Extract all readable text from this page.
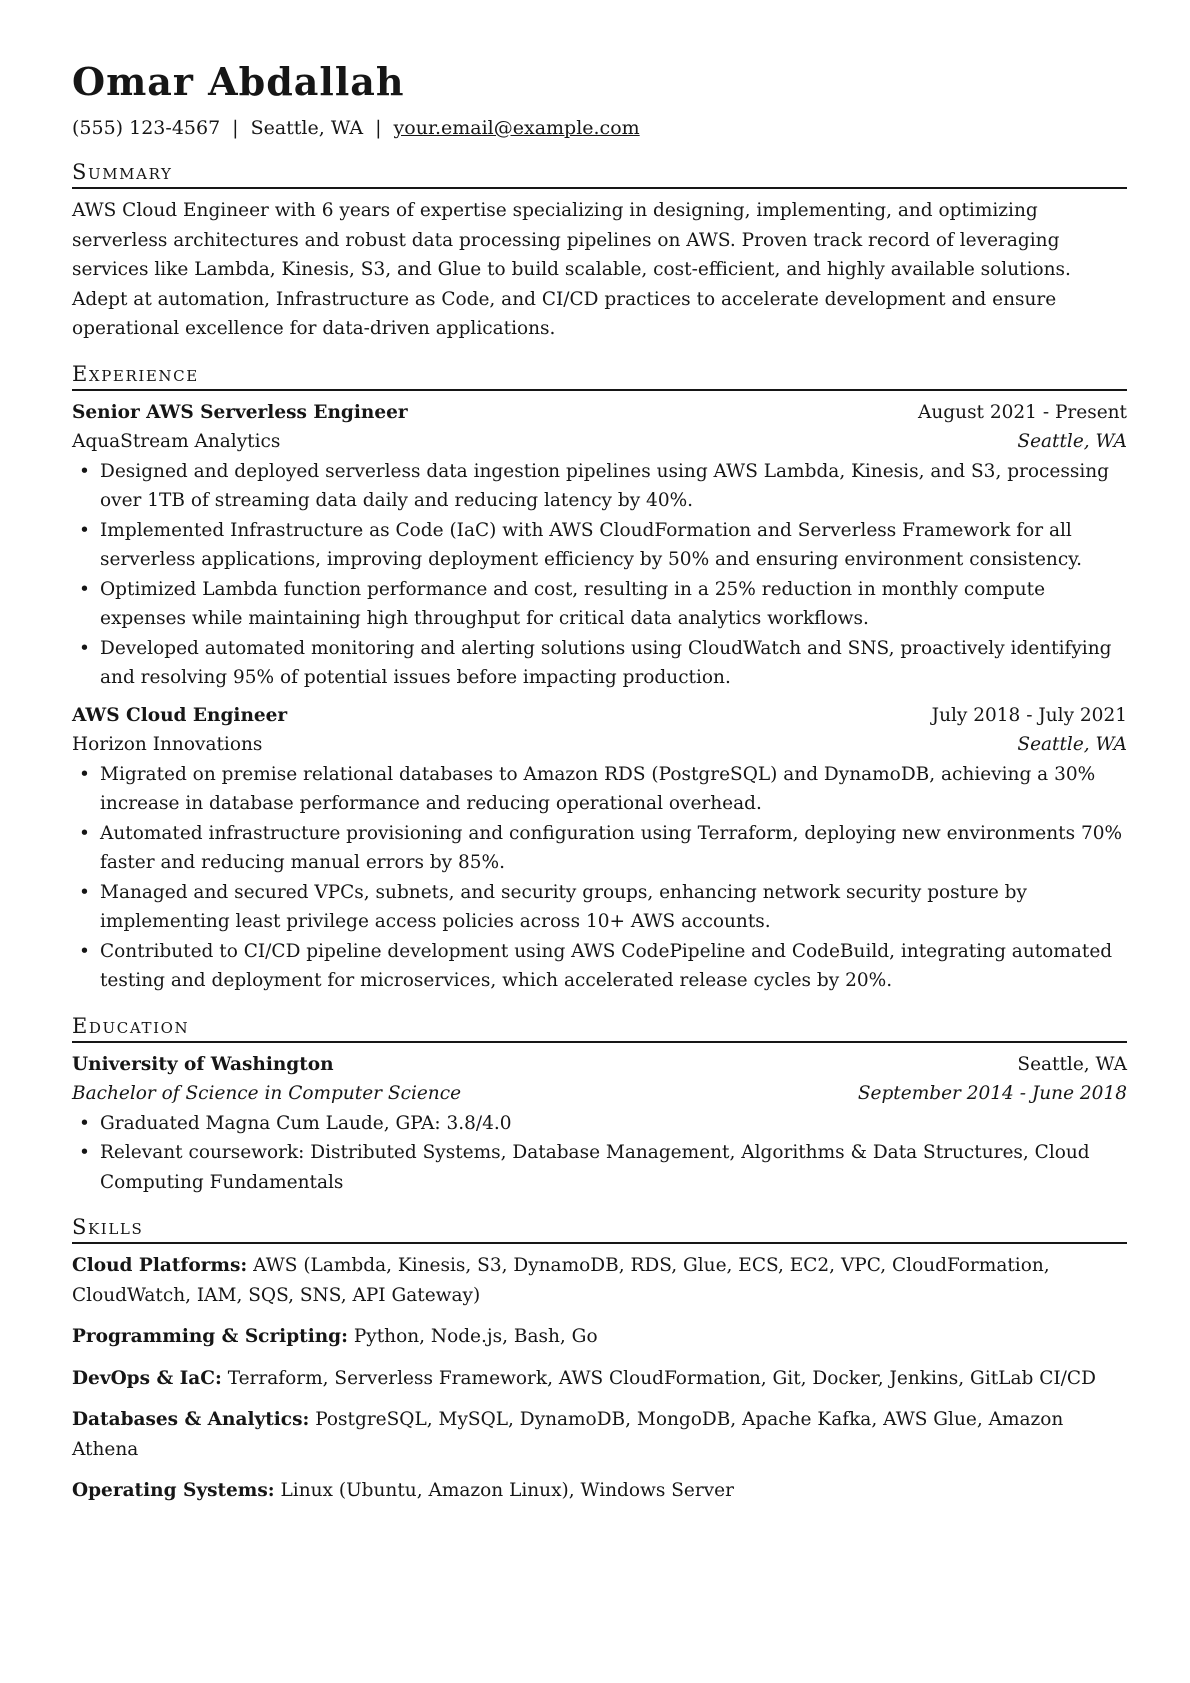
Omar Abdallah
(555) 123-4567 | Seattle, WA | your.email@example.com
Summary
AWS Cloud Engineer with 6 years of expertise specializing in designing, implementing, and optimizing serverless architectures and robust data processing pipelines on AWS. Proven track record of leveraging services like Lambda, Kinesis, S3, and Glue to build scalable, cost-efficient, and highly available solutions. Adept at automation, Infrastructure as Code, and CI/CD practices to accelerate development and ensure operational excellence for data-driven applications.
Experience
Senior AWS Serverless Engineer	August 2021 - Present
AquaStream Analytics	Seattle, WA
• Designed and deployed serverless data ingestion pipelines using AWS Lambda, Kinesis, and S3, processing over 1TB of streaming data daily and reducing latency by 40%.
• Implemented Infrastructure as Code (IaC) with AWS CloudFormation and Serverless Framework for all serverless applications, improving deployment efficiency by 50% and ensuring environment consistency.
• Optimized Lambda function performance and cost, resulting in a 25% reduction in monthly compute expenses while maintaining high throughput for critical data analytics workflows.
• Developed automated monitoring and alerting solutions using CloudWatch and SNS, proactively identifying and resolving 95% of potential issues before impacting production.
AWS Cloud Engineer	July 2018 - July 2021
Horizon Innovations	Seattle, WA
• Migrated on premise relational databases to Amazon RDS (PostgreSQL) and DynamoDB, achieving a 30% increase in database performance and reducing operational overhead.
• Automated infrastructure provisioning and configuration using Terraform, deploying new environments 70% faster and reducing manual errors by 85%.
• Managed and secured VPCs, subnets, and security groups, enhancing network security posture by implementing least privilege access policies across 10+ AWS accounts.
• Contributed to CI/CD pipeline development using AWS CodePipeline and CodeBuild, integrating automated testing and deployment for microservices, which accelerated release cycles by 20%.
Education
University of Washington	Seattle, WA
Bachelor of Science in Computer Science	September 2014 - June 2018
• Graduated Magna Cum Laude, GPA: 3.8/4.0
• Relevant coursework: Distributed Systems, Database Management, Algorithms & Data Structures, Cloud Computing Fundamentals
Skills
Cloud Platforms: AWS (Lambda, Kinesis, S3, DynamoDB, RDS, Glue, ECS, EC2, VPC, CloudFormation, CloudWatch, IAM, SQS, SNS, API Gateway)
Programming & Scripting: Python, Node.js, Bash, Go
DevOps & IaC: Terraform, Serverless Framework, AWS CloudFormation, Git, Docker, Jenkins, GitLab CI/CD
Databases & Analytics: PostgreSQL, MySQL, DynamoDB, MongoDB, Apache Kafka, AWS Glue, Amazon Athena
Operating Systems: Linux (Ubuntu, Amazon Linux), Windows Server
